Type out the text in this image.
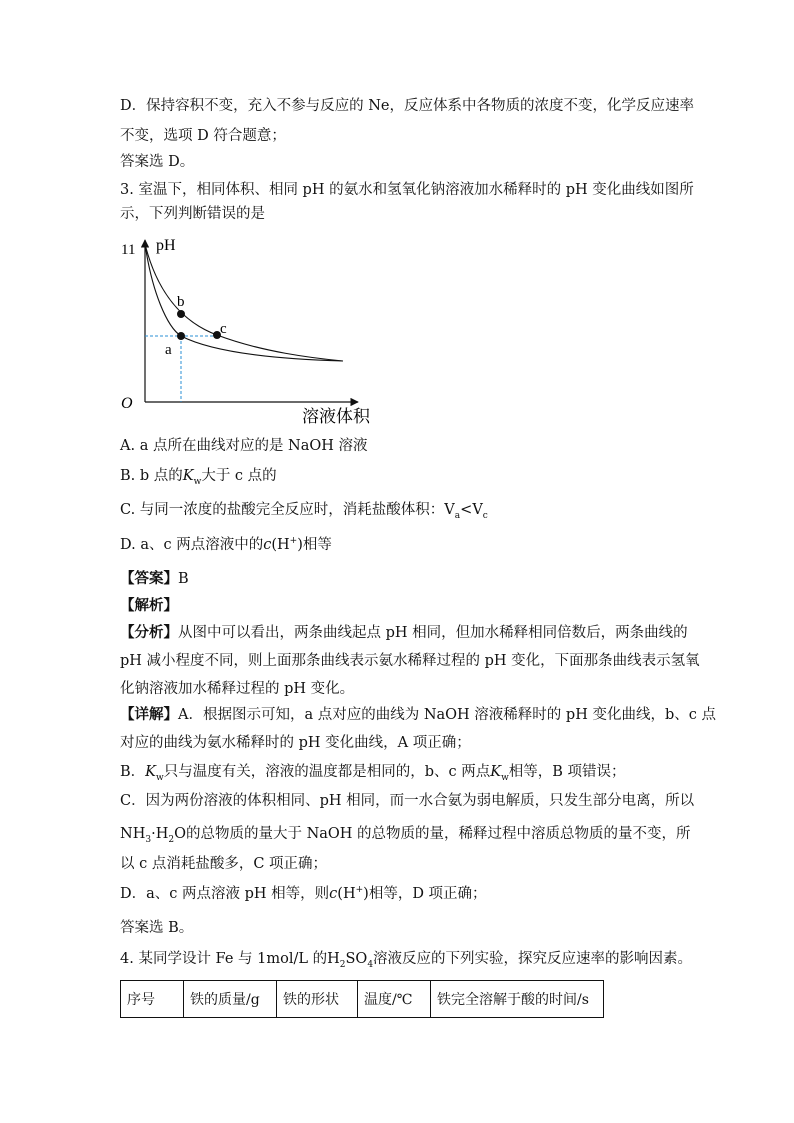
D．保持容积不变，充入不参与反应的 Ne，反应体系中各物质的浓度不变，化学反应速率
不变，选项 D 符合题意；
答案选 D。
3. 室温下，相同体积、相同 pH 的氨水和氢氧化钠溶液加水稀释时的 pH 变化曲线如图所
示，下列判断错误的是
pH
11
O
溶液体积
a
b
c
A. a 点所在曲线对应的是 NaOH 溶液
B. b 点的$K_w$大于 c 点的
C. 与同一浓度的盐酸完全反应时，消耗盐酸体积：$V_a<V_c$
D. a、c 两点溶液中的c(H+)相等
【答案】B
【解析】
【分析】从图中可以看出，两条曲线起点 pH 相同，但加水稀释相同倍数后，两条曲线的
pH 减小程度不同，则上面那条曲线表示氨水稀释过程的 pH 变化，下面那条曲线表示氢氧
化钠溶液加水稀释过程的 pH 变化。
【详解】A．根据图示可知，a 点对应的曲线为 NaOH 溶液稀释时的 pH 变化曲线，b、c 点
对应的曲线为氨水稀释时的 pH 变化曲线，A 项正确；
B．$K_w$只与温度有关，溶液的温度都是相同的，b、c 两点$K_w$相等，B 项错误；
C．因为两份溶液的体积相同、pH 相同，而一水合氨为弱电解质，只发生部分电离，所以
$NH_3\cdot H_2O$的总物质的量大于 NaOH 的总物质的量，稀释过程中溶质总物质的量不变，所
以 c 点消耗盐酸多，C 项正确；
D．a、c 两点溶液 pH 相等，则c(H+)相等，D 项正确；
答案选 B。
4. 某同学设计 Fe 与 1mol/L 的$H_2SO_4$溶液反应的下列实验，探究反应速率的影响因素。
序号	铁的质量/g	铁的形状	温度/℃	铁完全溶解于酸的时间/s
